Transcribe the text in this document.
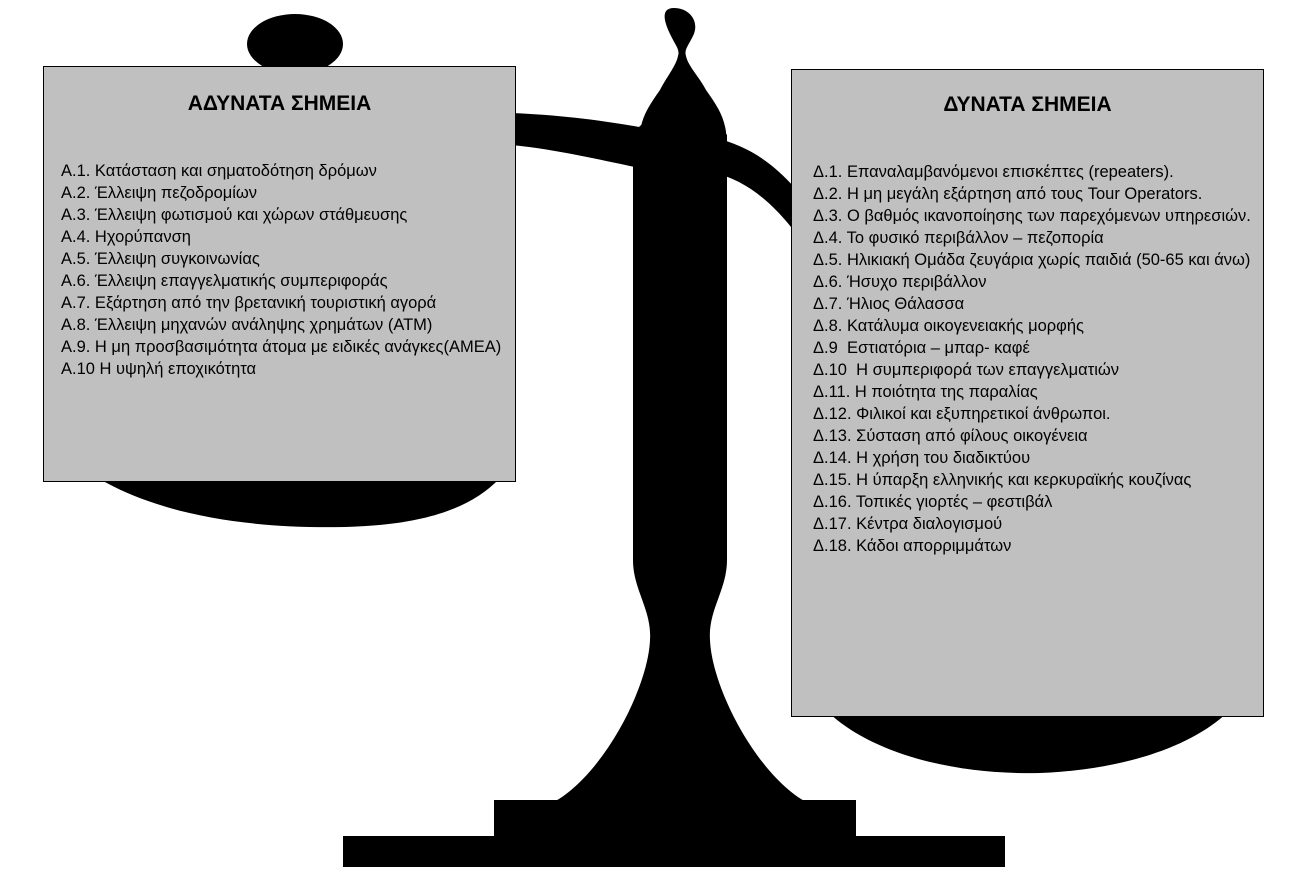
ΑΔΥΝΑΤΑ ΣΗΜΕΙΑ
Α.1. Κατάσταση και σηματοδότηση δρόμων
Α.2. Έλλειψη πεζοδρομίων
Α.3. Έλλειψη φωτισμού και χώρων στάθμευσης
Α.4. Ηχορύπανση
Α.5. Έλλειψη συγκοινωνίας
Α.6. Έλλειψη επαγγελματικής συμπεριφοράς
Α.7. Εξάρτηση από την βρετανική τουριστική αγορά
Α.8. Έλλειψη μηχανών ανάληψης χρημάτων (ΑΤΜ)
Α.9. Η μη προσβασιμότητα άτομα με ειδικές ανάγκες(ΑΜΕΑ)
Α.10 Η υψηλή εποχικότητα
ΔΥΝΑΤΑ ΣΗΜΕΙΑ
Δ.1. Επαναλαμβανόμενοι επισκέπτες (repeaters).
Δ.2. Η μη μεγάλη εξάρτηση από τους Tour Operators.
Δ.3. Ο βαθμός ικανοποίησης των παρεχόμενων υπηρεσιών.
Δ.4. Το φυσικό περιβάλλον – πεζοπορία
Δ.5. Ηλικιακή Ομάδα ζευγάρια χωρίς παιδιά (50-65 και άνω)
Δ.6. Ήσυχο περιβάλλον
Δ.7. Ήλιος Θάλασσα
Δ.8. Κατάλυμα οικογενειακής μορφής
Δ.9  Εστιατόρια – μπαρ- καφέ
Δ.10  Η συμπεριφορά των επαγγελματιών
Δ.11. Η ποιότητα της παραλίας
Δ.12. Φιλικοί και εξυπηρετικοί άνθρωποι.
Δ.13. Σύσταση από φίλους οικογένεια
Δ.14. Η χρήση του διαδικτύου
Δ.15. Η ύπαρξη ελληνικής και κερκυραϊκής κουζίνας
Δ.16. Τοπικές γιορτές – φεστιβάλ
Δ.17. Κέντρα διαλογισμού
Δ.18. Κάδοι απορριμμάτων
